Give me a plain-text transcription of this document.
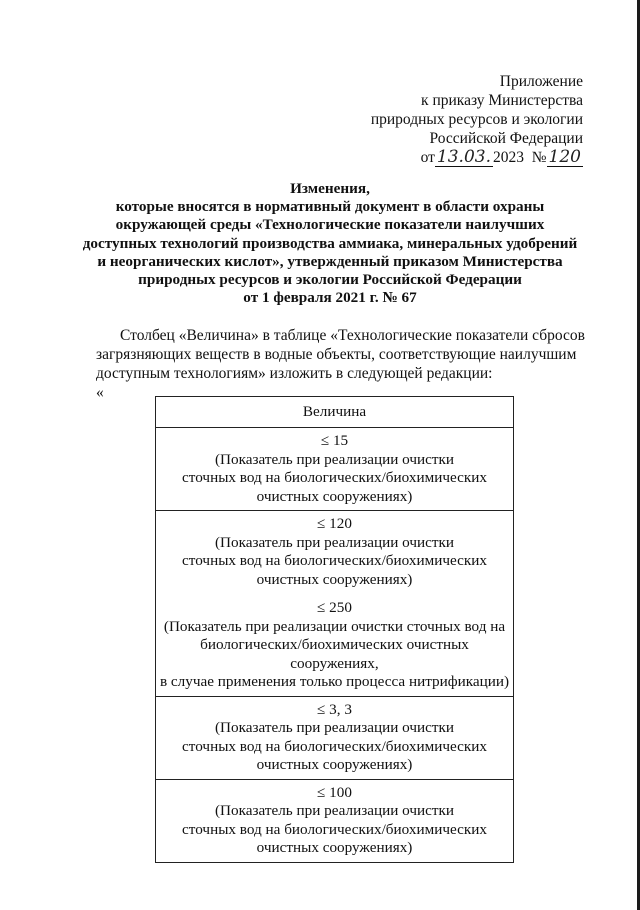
Приложение
к приказу Министерства
природных ресурсов и экологии
Российской Федерации
от 13.03. 2023 № 120
Изменения,
которые вносятся в нормативный документ в области охраны
окружающей среды «Технологические показатели наилучших
доступных технологий производства аммиака, минеральных удобрений
и неорганических кислот», утвержденный приказом Министерства
природных ресурсов и экологии Российской Федерации
от 1 февраля 2021 г. № 67
Столбец «Величина» в таблице «Технологические показатели сбросов
загрязняющих веществ в водные объекты, соответствующие наилучшим
доступным технологиям» изложить в следующей редакции:
«
Величина

≤ 15
(Показатель при реализации очистки
сточных вод на биологических/биохимических
очистных сооружениях)

≤ 120
(Показатель при реализации очистки
сточных вод на биологических/биохимических
очистных сооружениях)
≤ 250
(Показатель при реализации очистки сточных вод на
биологических/биохимических очистных сооружениях,
в случае применения только процесса нитрификации)

≤ 3, 3
(Показатель при реализации очистки
сточных вод на биологических/биохимических
очистных сооружениях)

≤ 100
(Показатель при реализации очистки
сточных вод на биологических/биохимических
очистных сооружениях)
